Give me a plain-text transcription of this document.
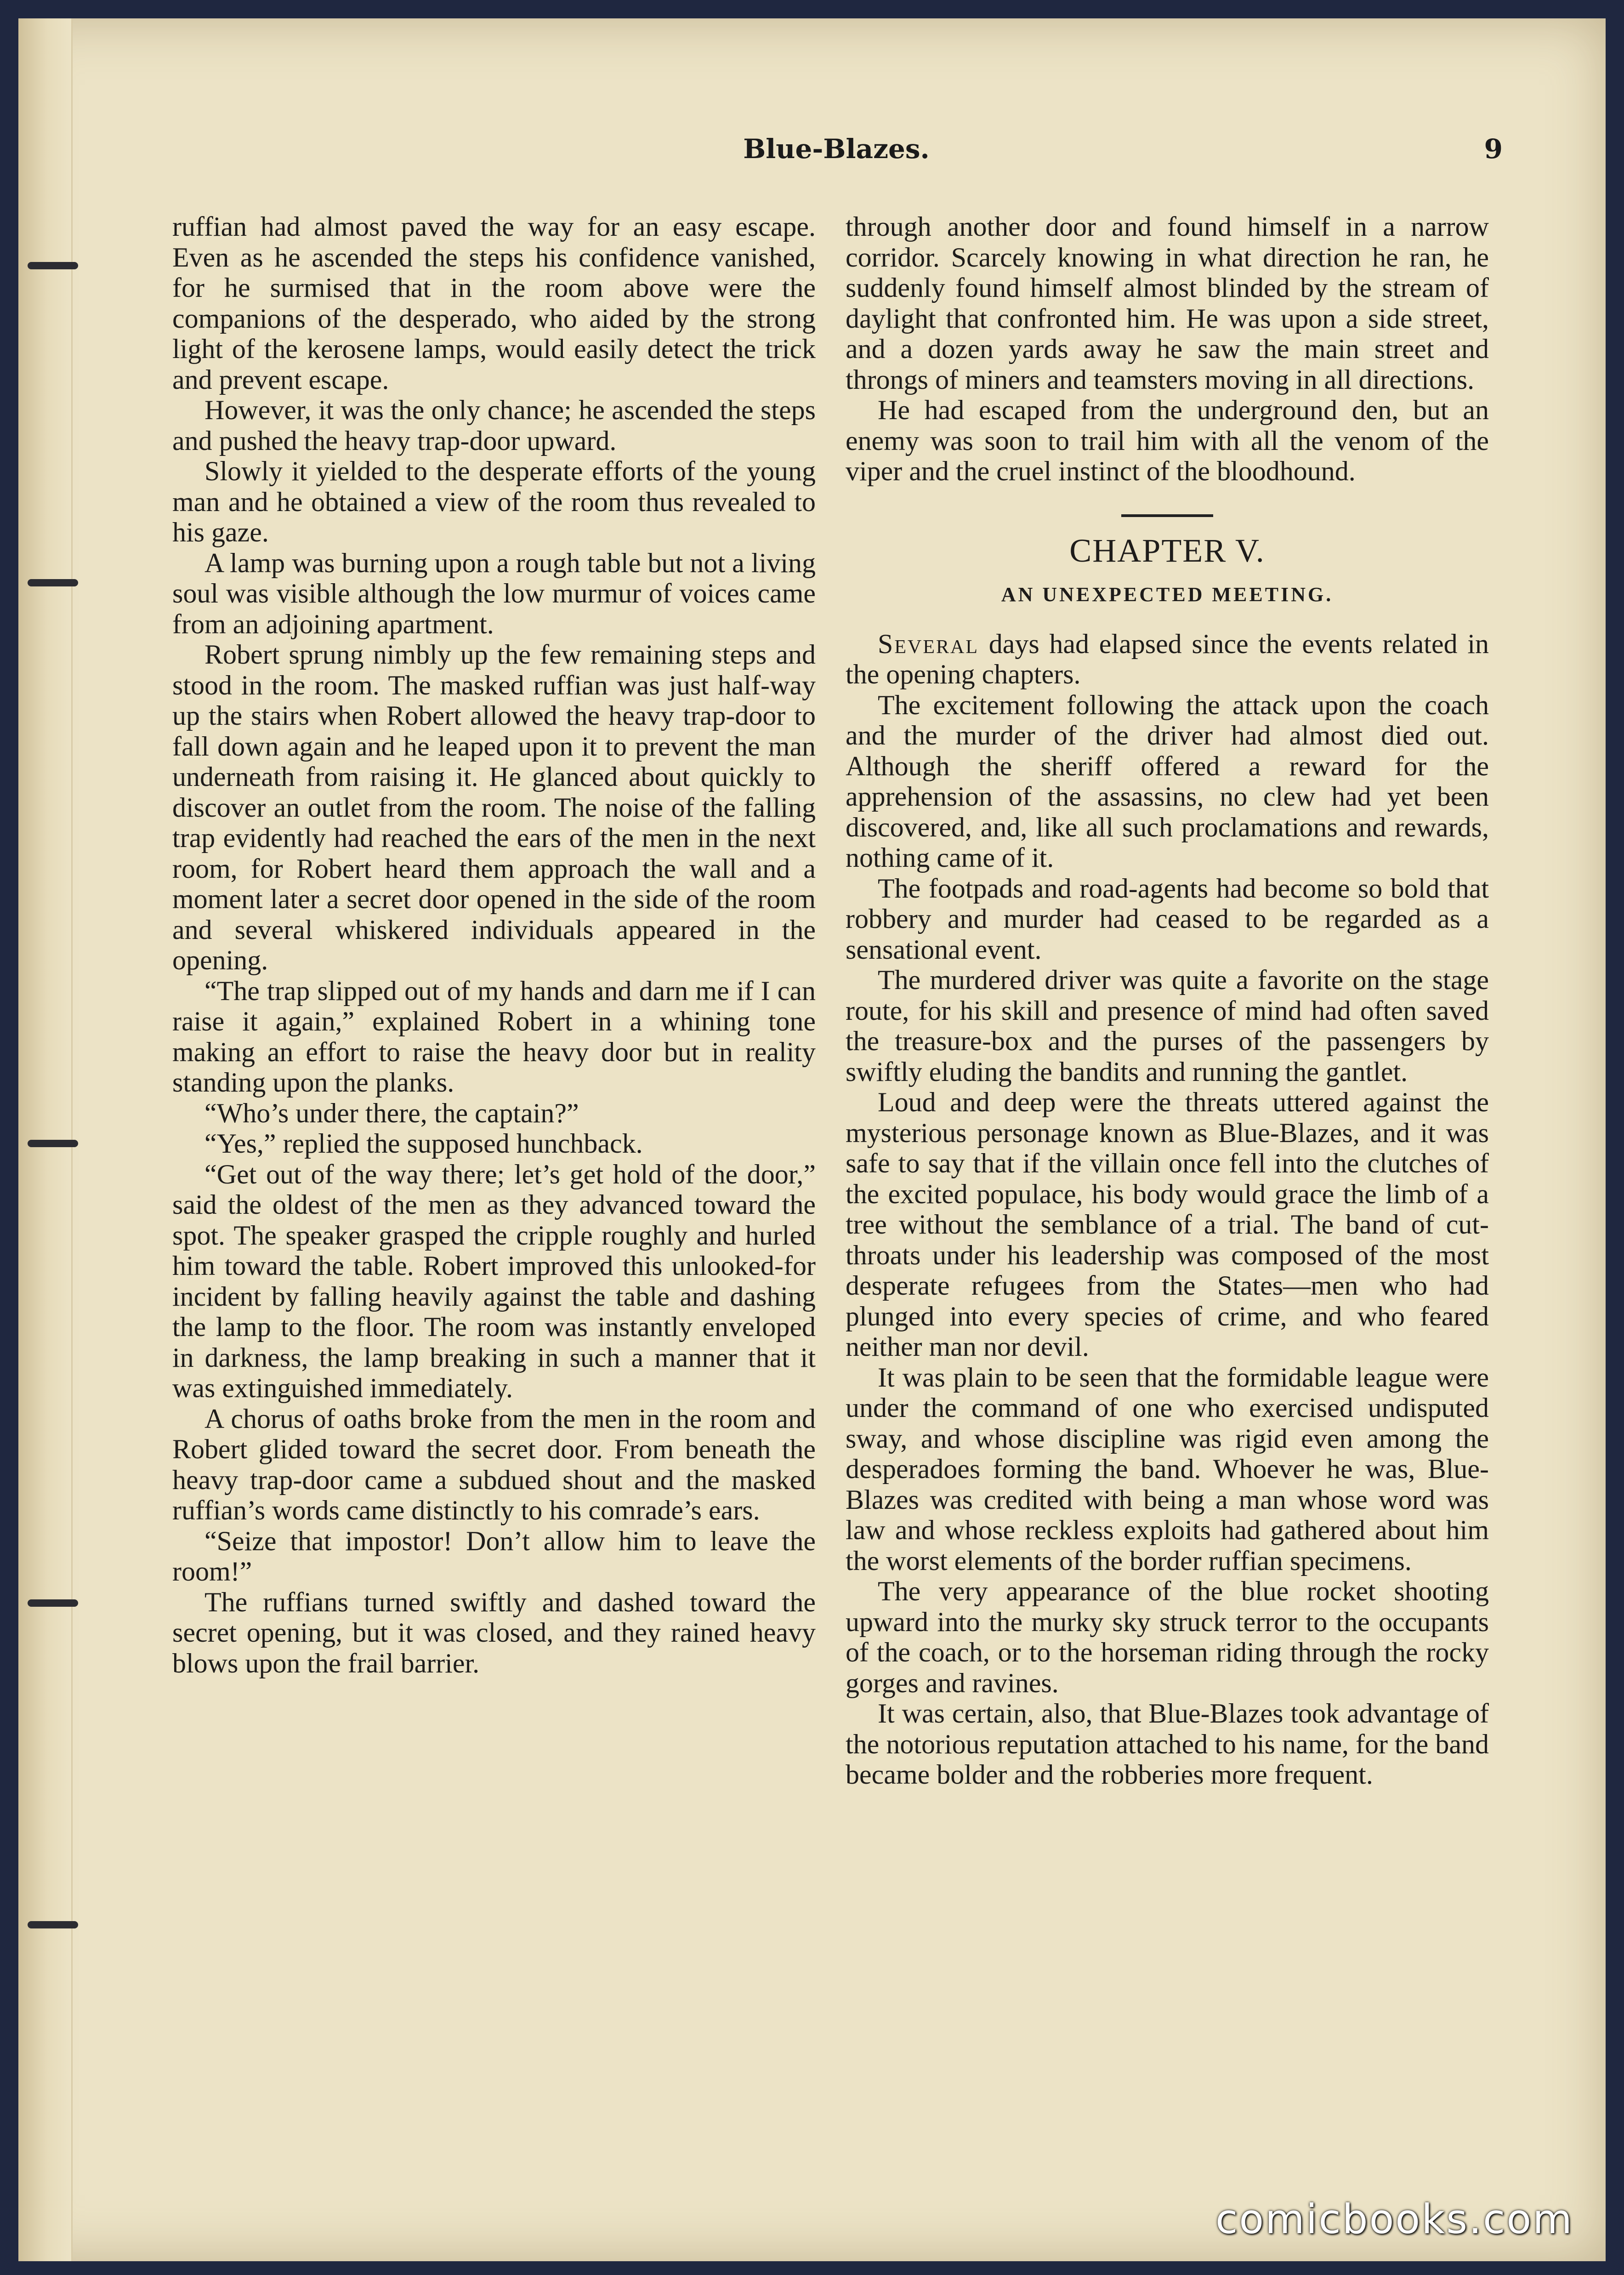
Blue-Blazes.	9

ruffian had almost paved the way for an easy escape. Even as he ascended the steps his confidence vanished, for he surmised that in the room above were the companions of the desperado, who aided by the strong light of the kerosene lamps, would easily detect the trick and prevent escape.

However, it was the only chance; he ascended the steps and pushed the heavy trap-door upward.

Slowly it yielded to the desperate efforts of the young man and he obtained a view of the room thus revealed to his gaze.

A lamp was burning upon a rough table but not a living soul was visible although the low murmur of voices came from an adjoining apartment.

Robert sprung nimbly up the few remaining steps and stood in the room. The masked ruffian was just half-way up the stairs when Robert allowed the heavy trap-door to fall down again and he leaped upon it to prevent the man underneath from raising it. He glanced about quickly to discover an outlet from the room. The noise of the falling trap evidently had reached the ears of the men in the next room, for Robert heard them approach the wall and a moment later a secret door opened in the side of the room and several whiskered individuals appeared in the opening.

“The trap slipped out of my hands and darn me if I can raise it again,” explained Robert in a whining tone making an effort to raise the heavy door but in reality standing upon the planks.

“Who’s under there, the captain?”

“Yes,” replied the supposed hunchback.

“Get out of the way there; let’s get hold of the door,” said the oldest of the men as they advanced toward the spot. The speaker grasped the cripple roughly and hurled him toward the table. Robert improved this unlooked-for incident by falling heavily against the table and dashing the lamp to the floor. The room was instantly enveloped in darkness, the lamp breaking in such a manner that it was extinguished immediately.

A chorus of oaths broke from the men in the room and Robert glided toward the secret door. From beneath the heavy trap-door came a subdued shout and the masked ruffian’s words came distinctly to his comrade’s ears.

“Seize that impostor! Don’t allow him to leave the room!”

The ruffians turned swiftly and dashed toward the secret opening, but it was closed, and they rained heavy blows upon the frail barrier.

through another door and found himself in a narrow corridor. Scarcely knowing in what direction he ran, he suddenly found himself almost blinded by the stream of daylight that confronted him. He was upon a side street, and a dozen yards away he saw the main street and throngs of miners and teamsters moving in all directions.

He had escaped from the underground den, but an enemy was soon to trail him with all the venom of the viper and the cruel instinct of the bloodhound.

CHAPTER V.
AN UNEXPECTED MEETING.

Several days had elapsed since the events related in the opening chapters.

The excitement following the attack upon the coach and the murder of the driver had almost died out. Although the sheriff offered a reward for the apprehension of the assassins, no clew had yet been discovered, and, like all such proclamations and rewards, nothing came of it.

The footpads and road-agents had become so bold that robbery and murder had ceased to be regarded as a sensational event.

The murdered driver was quite a favorite on the stage route, for his skill and presence of mind had often saved the treasure-box and the purses of the passengers by swiftly eluding the bandits and running the gantlet.

Loud and deep were the threats uttered against the mysterious personage known as Blue-Blazes, and it was safe to say that if the villain once fell into the clutches of the excited populace, his body would grace the limb of a tree without the semblance of a trial. The band of cut-throats under his leadership was composed of the most desperate refugees from the States—men who had plunged into every species of crime, and who feared neither man nor devil.

It was plain to be seen that the formidable league were under the command of one who exercised undisputed sway, and whose discipline was rigid even among the desperadoes forming the band. Whoever he was, Blue-Blazes was credited with being a man whose word was law and whose reckless exploits had gathered about him the worst elements of the border ruffian specimens.

The very appearance of the blue rocket shooting upward into the murky sky struck terror to the occupants of the coach, or to the horseman riding through the rocky gorges and ravines.

It was certain, also, that Blue-Blazes took advantage of the notorious reputation attached to his name, for the band became bolder and the robberies more frequent.

comicbooks.com
